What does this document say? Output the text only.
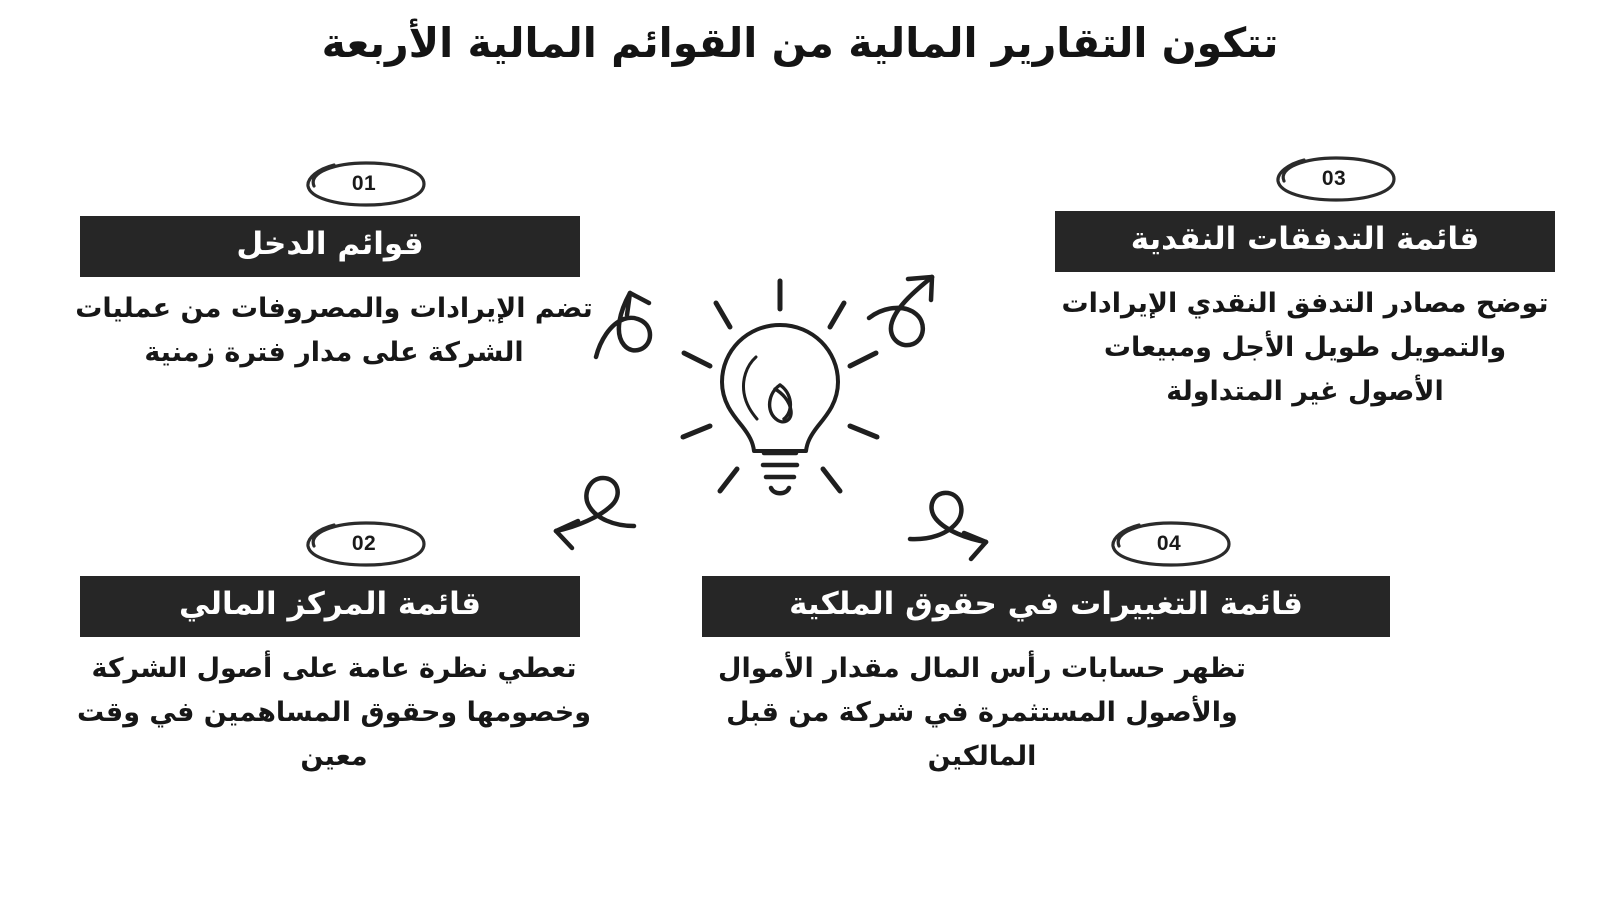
تتكون التقارير المالية من القوائم المالية الأربعة
01
قوائم الدخل
تضم الإيرادات والمصروفات من عمليات الشركة على مدار فترة زمنية
02
قائمة المركز المالي
تعطي نظرة عامة على أصول الشركة وخصومها وحقوق المساهمين في وقت معين
03
قائمة التدفقات النقدية
توضح مصادر التدفق النقدي الإيرادات والتمويل طويل الأجل ومبيعات الأصول غير المتداولة
04
قائمة التغييرات في حقوق الملكية
تظهر حسابات رأس المال مقدار الأموال والأصول المستثمرة في شركة من قبل المالكين
